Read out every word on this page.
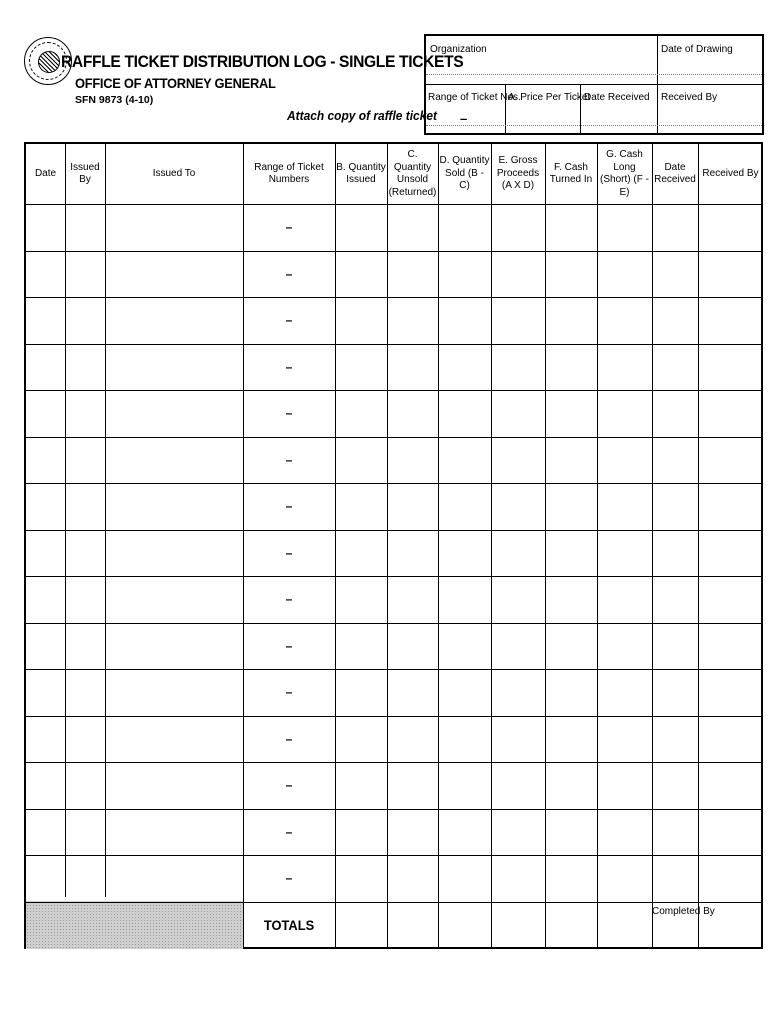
RAFFLE TICKET DISTRIBUTION LOG - SINGLE TICKETS
OFFICE OF ATTORNEY GENERAL
SFN 9873 (4-10)
Attach copy of raffle ticket
Organization	Date of Drawing
Range of Ticket Nos.
A. Price Per Ticket
Date Received Received By
–
TOTALS
Completed By
Date
Issued By
Issued To
Range of Ticket Numbers
B. Quantity Issued
C. Quantity Unsold (Returned)
D. Quantity Sold (B - C)
E. Gross Proceeds (A X D)
F. Cash Turned In
G. Cash Long (Short) (F - E)
Date Received
Received By
–
–
–
–
–
–
–
–
–
–
–
–
–
–
–
